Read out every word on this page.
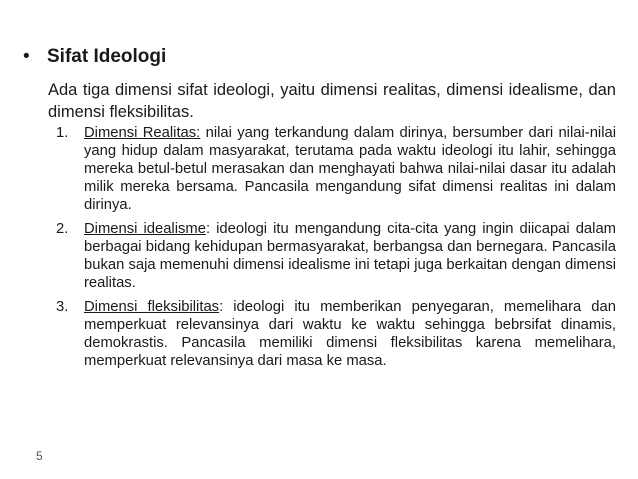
• Sifat Ideologi
Ada tiga dimensi sifat ideologi, yaitu dimensi realitas, dimensi idealisme, dan dimensi fleksibilitas.
1.	Dimensi Realitas: nilai yang terkandung dalam dirinya, bersumber dari nilai-nilai yang hidup dalam masyarakat, terutama pada waktu ideologi itu lahir, sehingga mereka betul-betul merasakan dan menghayati bahwa nilai-nilai dasar itu adalah milik mereka bersama. Pancasila mengandung sifat dimensi realitas ini dalam dirinya.
2.	Dimensi idealisme: ideologi itu mengandung cita-cita yang ingin diicapai dalam berbagai bidang kehidupan bermasyarakat, berbangsa dan bernegara. Pancasila bukan saja memenuhi dimensi idealisme ini tetapi juga berkaitan dengan dimensi realitas.
3.	Dimensi fleksibilitas: ideologi itu memberikan penyegaran, memelihara dan memperkuat relevansinya dari waktu ke waktu sehingga bebrsifat dinamis, demokrastis. Pancasila memiliki dimensi fleksibilitas karena memelihara, memperkuat relevansinya dari masa ke masa.
5
